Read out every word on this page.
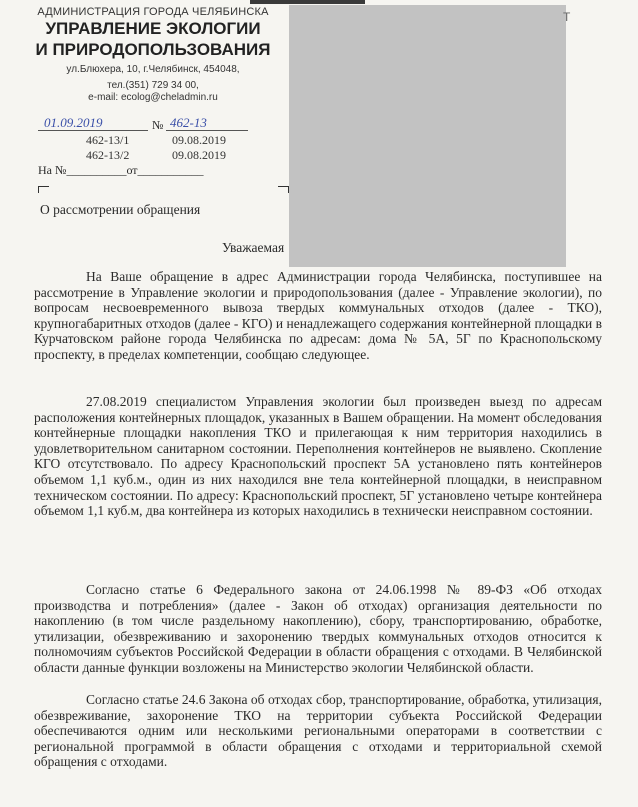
АДМИНИСТРАЦИЯ ГОРОДА ЧЕЛЯБИНСКА
УПРАВЛЕНИЕ ЭКОЛОГИИ
И ПРИРОДОПОЛЬЗОВАНИЯ
ул.Блюхера, 10, г.Челябинск, 454048,
тел.(351) 729 34 00,
e-mail: ecolog@cheladmin.ru
Т
01.09.2019	№ 462-13
462-13/1	09.08.2019
462-13/2	09.08.2019
На №__________от___________
О рассмотрении обращения
Уважаемая
На Ваше обращение в адрес Администрации города Челябинска, поступившее на рассмотрение в Управление экологии и природопользования (далее - Управление экологии), по вопросам несвоевременного вывоза твердых коммунальных отходов (далее - ТКО), крупногабаритных отходов (далее - КГО) и ненадлежащего содержания контейнерной площадки в Курчатовском районе города Челябинска по адресам: дома № 5А, 5Г по Краснопольскому проспекту, в пределах компетенции, сообщаю следующее.
27.08.2019 специалистом Управления экологии был произведен выезд по адресам расположения контейнерных площадок, указанных в Вашем обращении. На момент обследования контейнерные площадки накопления ТКО и прилегающая к ним территория находились в удовлетворительном санитарном состоянии. Переполнения контейнеров не выявлено. Скопление КГО отсутствовало. По адресу Краснопольский проспект 5А установлено пять контейнеров объемом 1,1 куб.м., один из них находился вне тела контейнерной площадки, в неисправном техническом состоянии. По адресу: Краснопольский проспект, 5Г установлено четыре контейнера объемом 1,1 куб.м, два контейнера из которых находились в технически неисправном состоянии.
Согласно статье 6 Федерального закона от 24.06.1998 № 89-ФЗ «Об отходах производства и потребления» (далее - Закон об отходах) организация деятельности по накоплению (в том числе раздельному накоплению), сбору, транспортированию, обработке, утилизации, обезвреживанию и захоронению твердых коммунальных отходов относится к полномочиям субъектов Российской Федерации в области обращения с отходами. В Челябинской области данные функции возложены на Министерство экологии Челябинской области.
Согласно статье 24.6 Закона об отходах сбор, транспортирование, обработка, утилизация, обезвреживание, захоронение ТКО на территории субъекта Российской Федерации обеспечиваются одним или несколькими региональными операторами в соответствии с региональной программой в области обращения с отходами и территориальной схемой обращения с отходами.
